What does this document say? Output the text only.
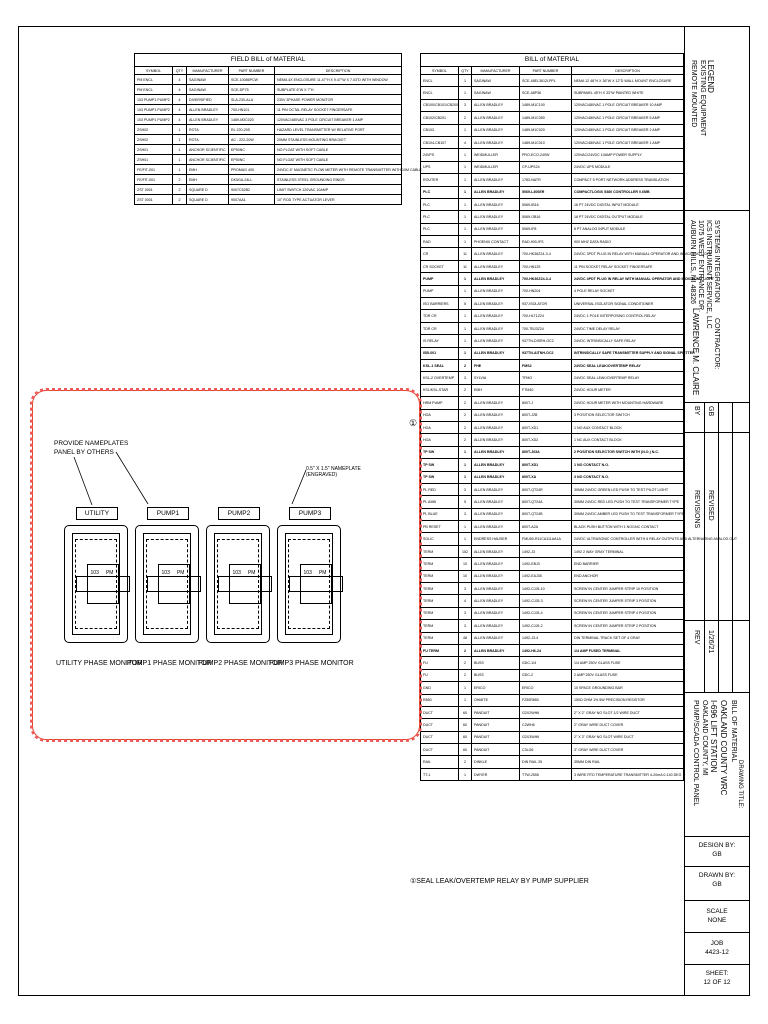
FIELD BILL of MATERIAL				
SYMBOL	QTY	MANUFACTURER	PART NUMBER	DESCRIPTION
PM ENCL	4	SAGINAW	SCE-10086PCW	NEMA 4X ENCLOSURE 11.47"H X 9.47"W X 7.03"D WITH WINDOW
PM ENCL	4	SAGINAW	SCE-DP75	SUBPLATE 6"W X 7"H
103 PUMP1 PUMP2	4	DIVERSIFIED	SLA-230-ALA	230V 3PHASE POWER MONITOR
103 PUMP1 PUMP2	4	ALLEN BRADLEY	700-HN101	11 PIN OCTAL RELAY SOCKET FINGERSAFE
103 PUMP1 PUMP2	4	ALLEN BRADLEY	1489-M3C020	120VAC/480VAC 3 POLE CIRCUIT BREAKER 1 AMP
ZSH02	1	ROTA	RL 220-29S	HAZARD LEVEL TRANSMITTER W/ RELATIVE PORT
ZSH02	1	ROTA	AC - 222-20W	20MM STAINLESS MOUNTING BRACKET
ZSH01	1	ANCHOR SCIENTIFIC	EP50NC	NO FLOAT WITH SOFT CABLE
ZSH01	1	ANCHOR SCIENTIFIC	EP50NC	NO FLOAT WITH SOFT CABLE
FE/FIT-001	1	EMH	PROMAG 400	24VDC 6" MAGNETIC FLOW METER WITH REMOTE TRANSMITTER WITH 10M CABLE
FE/FIT-001	2	EMH	DK5GA-24LL	STAINLESS STEEL GROUNDING RINGS
ZST 0001	2	SQUARE D	9007C52B2	LIMIT SWITCH 120VAC 10AMP
ZST 0001	2	SQUARE D	9007AA1	10" ROD TYPE ACTUATOR LEVER
BILL of MATERIAL				
SYMBOL	QTY	MANUFACTURER	PART NUMBER	DESCRIPTION
ENCL	1	SAGINAW	SCE-48EL3612LPPL	NEMA 12 48"H X 36"W X 12"D WALL MOUNT ENCLOSURE
ENCL	1	SAGINAW	SCE-48P36	SUBPANEL 45"H X 33"W PAINTED WHITE
CB100/CB101/CB200	3	ALLEN BRADLEY	1489-M1C100	120VAC/480VAC 1 POLE CIRCUIT BREAKER 10 AMP
CB102/CB201	2	ALLEN BRADLEY	1489-M1C050	120VAC/480VAC 1 POLE CIRCUIT BREAKER 5 AMP
CB103	1	ALLEN BRADLEY	1489-M1C020	120VAC/480VAC 1 POLE CIRCUIT BREAKER 2 AMP
CB104-CB107	4	ALLEN BRADLEY	1489-M1C010	120VAC/480VAC 1 POLE CIRCUIT BREAKER 1 AMP
24VPS	1	WEIDMULLER	PRO-ECO-240W	120VAC/24VDC 10AMP POWER SUPPLY
UPS	1	WEIDMULLER	CP-UPS24	24VDC UPS MODULE
ROUTER	1	ALLEN BRADLEY	1783-NATR	COMPACT 5 PORT NETWORK ADDRESS TRANSLATION
PLC	1	ALLEN BRADLEY	5069-L306ER	COMPACTLOGIX 5380 CONTROLLER 0.6MB
PLC	1	ALLEN BRADLEY	5069-IB16	16 PT 24VDC DIGITAL INPUT MODULE
PLC	1	ALLEN BRADLEY	5069-OB16	16 PT 24VDC DIGITAL OUTPUT MODULE
PLC	1	ALLEN BRADLEY	5069-IF8	8 PT ANALOG INPUT MODULE
RAD	1	PHOENIX CONTACT	RAD-900-IFS	900 MHZ DATA RADIO
CR	11	ALLEN BRADLEY	700-HK36Z24-3-4	24VDC 3PDT PLUG IN RELAY WITH MANUAL OPERATOR AND INDICATING LIGHT
CR SOCKET	11	ALLEN BRADLEY	700-HN125	11 PIN SOCKET RELAY SOCKET FINGERSAFE
PUMP	1	ALLEN BRADLEY	700-HK36Z24-3-4	24VDC 4PDT PLUG IN RELAY WITH MANUAL OPERATOR AND INDICATING LIGHT
PUMP	1	ALLEN BRADLEY	700-HN204	4 POLE RELAY SOCKET
ISO BARRIERS	5	ALLEN BRADLEY	937-ISOLATOR	UNIVERSAL ISOLATOR SIGNAL CONDITIONER
TDR CR	1	ALLEN BRADLEY	700-HLT1Z24	24VDC 1 POLE INTERPOSING CONTROL RELAY
TDR CR	1	ALLEN BRADLEY	700-TBJ3Z24	24VDC TIME DELAY RELAY
IS RELAY	1	ALLEN BRADLEY	937TN-DISRH-OC2	24VDC INTRINSICALLY SAFE RELAY
ISB-001	1	ALLEN BRADLEY	937TN-AITNH-OC2	INTRINSICALLY SAFE TRANSMITTER SUPPLY AND SIGNAL SPLITTER
KSL-1 SEAL	2	FHE	FMS2	24VDC SEAL LEAK/OVERTEMP RELAY
KSL-2 OVERTEMP	3	SYLVIA	TFMO	24VDC SEAL LEAK/OVERTEMP RELAY
KSL/KSL-STAR	2	EMH	FTM40	24VDC HOUR METER
HRM PUMP	2	ALLEN BRADLEY	800T-J	24VDC HOUR METER WITH MOUNTING HARDWARE
HOA	2	ALLEN BRADLEY	800T-J2B	3 POSITION SELECTOR SWITCH
HOA	2	ALLEN BRADLEY	800T-XD1	1 NO AUX CONTACT BLOCK
HOA	2	ALLEN BRADLEY	800T-XD2	1 NC AUX CONTACT BLOCK
TP SW	1	ALLEN BRADLEY	800T-J63A	2 POSITION SELECTOR SWITCH WITH (N.O.) N.C.
TP SW	1	ALLEN BRADLEY	800T-XD1	1 NO CONTACT N.O.
TP SW	1	ALLEN BRADLEY	800T-XA	3 NO CONTACT N.O.
PL RED	3	ALLEN BRADLEY	800T-QT24R	30MM 24VDC GREEN LED PUSH TO TEST PILOT LIGHT
PL AMB	5	ALLEN BRADLEY	800T-QT24A	30MM 24VDC RED LED PUSH TO TEST TRANSFORMER TYPE
PL BLUE	3	ALLEN BRADLEY	800T-QT24B	30MM 24VDC AMBER LED PUSH TO TEST TRANSFORMER TYPE
PB RESET	1	ALLEN BRADLEY	800T-A2A	BLACK PUSH BUTTON WITH 1 NO/1NC CONTACT
SOLIC	1	ENDRESS HAUSER	FMU90-R11CA111AA1A	24VDC ULTRASONIC CONTROLLER WITH 6 RELAY OUTPUTS AND ALTERNATING ANALOG OUT
TERM	152	ALLEN BRADLEY	1492-J3	1492 2 WAY GRAY TERMINAL
TERM	10	ALLEN BRADLEY	1492-EBJ3	END BARRIER
TERM	10	ALLEN BRADLEY	1492-EAJ35	END ANCHOR
TERM	3	ALLEN BRADLEY	1492-CJJ5-10	SCREW IN CENTER JUMPER STRIP 10 POSITION
TERM	4	ALLEN BRADLEY	1492-CJJ5-3	SCREW IN CENTER JUMPER STRIP 3 POSITION
TERM	3	ALLEN BRADLEY	1492-CJJ5-4	SCREW IN CENTER JUMPER STRIP 4 POSITION
TERM	3	ALLEN BRADLEY	1492-CJJ5-2	SCREW IN CENTER JUMPER STRIP 2 POSITION
TERM	48	ALLEN BRADLEY	1492-J3-4	DIN TERMINAL TRACK SET OF 4 GRAY
FU TERM	2	ALLEN BRADLEY	1492-H6-24	1/4 AMP FUSED TERMINAL
FU	2	BUSS	GDC-1/4	1/4 AMP 250V GLASS FUSE
FU	2	BUSS	GDC-2	2 AMP 250V GLASS FUSE
GND	1	ERICO	ERICO	10 SPACE GROUNDING BAR
R850	1	OHMITE	F250R850	150Ω OHM 1% 5W PRECISION RESISTOR
DUCT	60	PANDUIT	G2X2WH6	2" X 2" GRAY NO SLOT 1/2 WIRE DUCT
DUCT	60	PANDUIT	C2WH6	2" GRAY WIRE DUCT COVER
DUCT	60	PANDUIT	G2X3WH6	2" X 3" GRAY NO SLOT WIRE DUCT
DUCT	60	PANDUIT	C3LG6	3" GRAY WIRE DUCT COVER
RAIL	2	DINKLE	DIN RAIL 35	35MM DIN RAIL
TT-1	1	DWYER	TTW-2555	3 WIRE RTD TEMPERATURE TRANSMITTER 4-20mA 0-140 DEG
①
①SEAL LEAK/OVERTEMP RELAY BY PUMP SUPPLIER
PROVIDE NAMEPLATES
PANEL BY OTHERS
0.5" X 1.5" NAMEPLATE (ENGRAVED)
UTILITY
103 PM
UTILITY PHASE MONITOR
PUMP1
103 PM
PUMP1 PHASE MONITOR
PUMP2
103 PM
PUMP2 PHASE MONITOR
PUMP3
103 PM
PUMP3 PHASE MONITOR
LEGEND
EXISTING EQUIPMENT
REMOTE MOUNTED
SYSTEMS INTEGRATION
ICS INSTRUMENT SERVICE, LLC
1075 WEST ENTRANCE DR.
AUBURN HILLS, MI 48326
CONTRACTOR:
LAWRENCE M. CLAIRE
BY GB
REVISIONS REVISED
REV 1/26/21
OAKLAND COUNTY WRC
I-696 LIFT STATION
OAKLAND COUNTY, MI
PUMP/SCADA CONTROL PANEL	DRAWING TITLE:
BILL OF MATERIAL
DESIGN BY:
GB
DRAWN BY:
GB
SCALE
NONE
JOB
4423-12
SHEET:
12 OF 12
